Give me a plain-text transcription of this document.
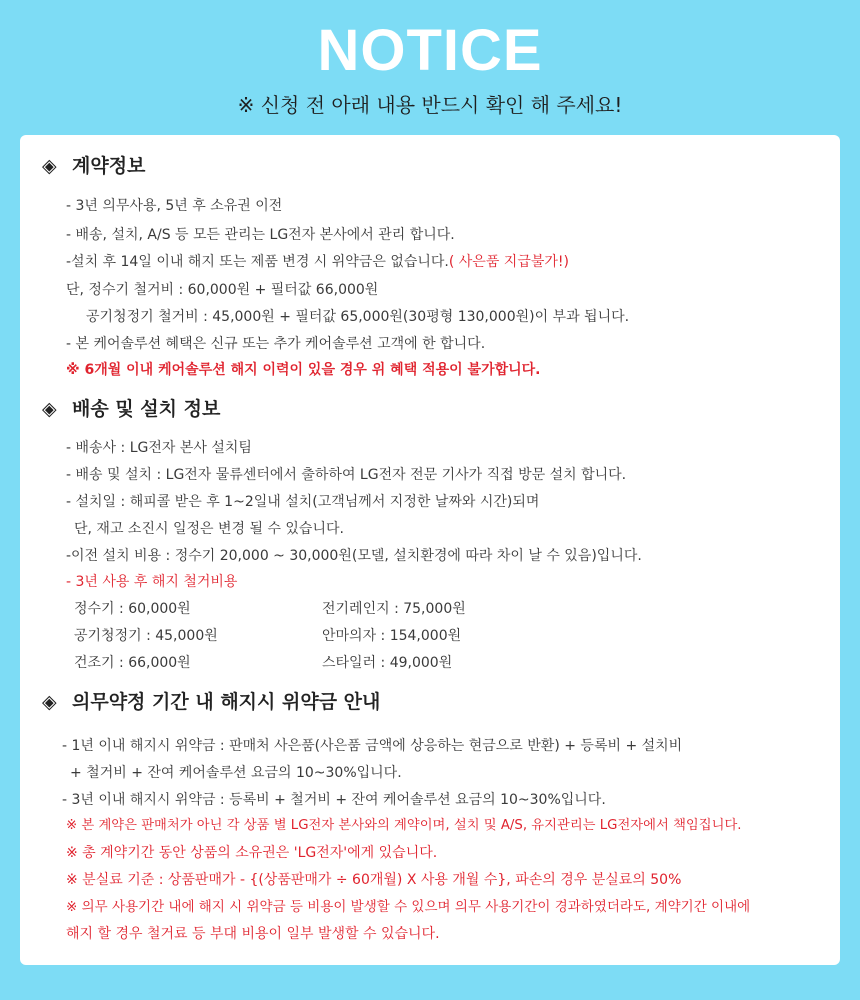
NOTICE
※ 신청 전 아래 내용 반드시 확인 해 주세요!
◈ 계약정보
- 3년 의무사용, 5년 후 소유권 이전
- 배송, 설치, A/S 등 모든 관리는 LG전자 본사에서 관리 합니다.
-설치 후 14일 이내 해지 또는 제품 변경 시 위약금은 없습니다.( 사은품 지급불가!)
단, 정수기 철거비 : 60,000원 + 필터값 66,000원
공기청정기 철거비 : 45,000원 + 필터값 65,000원(30평형 130,000원)이 부과 됩니다.
- 본 케어솔루션 혜택은 신규 또는 추가 케어솔루션 고객에 한 합니다.
※ 6개월 이내 케어솔루션 해지 이력이 있을 경우 위 혜택 적용이 불가합니다.
◈ 배송 및 설치 정보
- 배송사 : LG전자 본사 설치팀
- 배송 및 설치 : LG전자 물류센터에서 출하하여 LG전자 전문 기사가 직접 방문 설치 합니다.
- 설치일 : 해피콜 받은 후 1~2일내 설치(고객님께서 지정한 날짜와 시간)되며
단, 재고 소진시 일정은 변경 될 수 있습니다.
-이전 설치 비용 : 정수기 20,000 ~ 30,000원(모델, 설치환경에 따라 차이 날 수 있음)입니다.
- 3년 사용 후 해지 철거비용
정수기 : 60,000원	전기레인지 : 75,000원
공기청정기 : 45,000원	안마의자 : 154,000원
건조기 : 66,000원	스타일러 : 49,000원
◈ 의무약정 기간 내 해지시 위약금 안내
- 1년 이내 해지시 위약금 : 판매처 사은품(사은품 금액에 상응하는 현금으로 반환) + 등록비 + 설치비
+ 철거비 + 잔여 케어솔루션 요금의 10~30%입니다.
- 3년 이내 해지시 위약금 : 등록비 + 철거비 + 잔여 케어솔루션 요금의 10~30%입니다.
※ 본 계약은 판매처가 아닌 각 상품 별 LG전자 본사와의 계약이며, 설치 및 A/S, 유지관리는 LG전자에서 책임집니다.
※ 총 계약기간 동안 상품의 소유권은 'LG전자'에게 있습니다.
※ 분실료 기준 : 상품판매가 - {(상품판매가 ÷ 60개월) X 사용 개월 수}, 파손의 경우 분실료의 50%
※ 의무 사용기간 내에 해지 시 위약금 등 비용이 발생할 수 있으며 의무 사용기간이 경과하였더라도, 계약기간 이내에
해지 할 경우 철거료 등 부대 비용이 일부 발생할 수 있습니다.
